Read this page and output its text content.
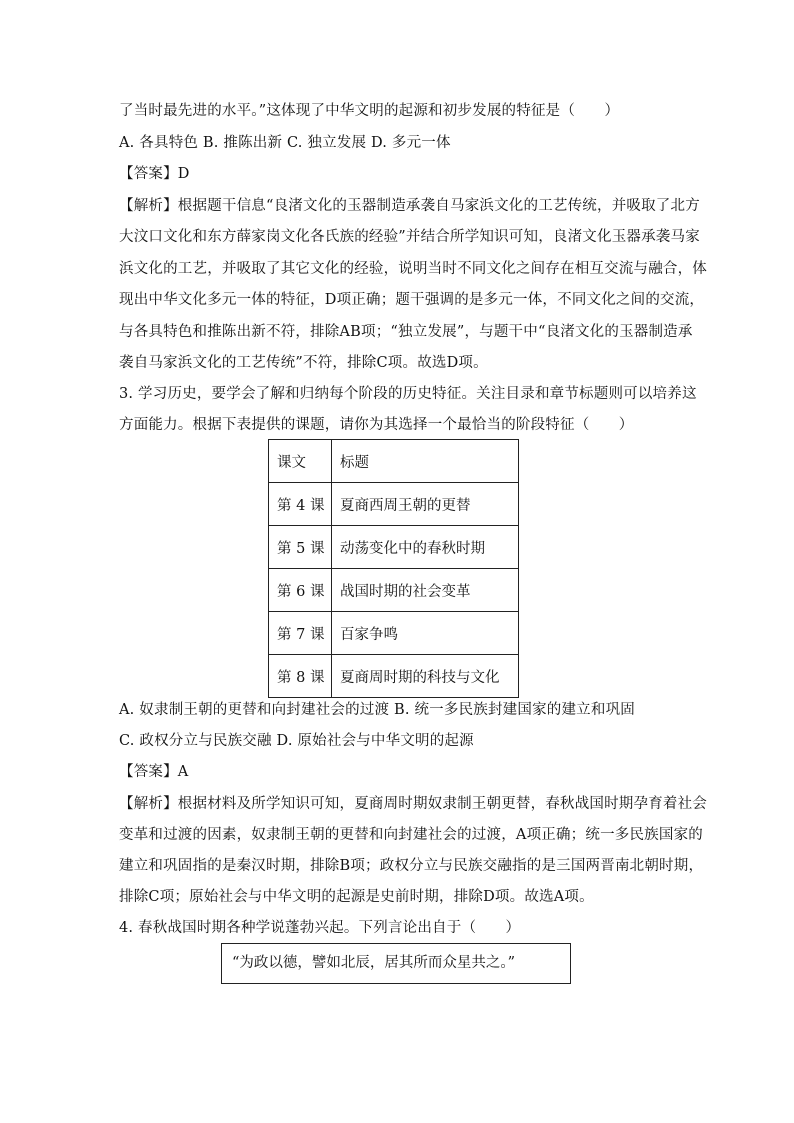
了当时最先进的水平。”这体现了中华文明的起源和初步发展的特征是（　　）
A. 各具特色 B. 推陈出新 C. 独立发展 D. 多元一体
【答案】D
【解析】根据题干信息“良渚文化的玉器制造承袭自马家浜文化的工艺传统，并吸取了北方
大汶口文化和东方薛家岗文化各氏族的经验”并结合所学知识可知，良渚文化玉器承袭马家
浜文化的工艺，并吸取了其它文化的经验，说明当时不同文化之间存在相互交流与融合，体
现出中华文化多元一体的特征，D项正确；题干强调的是多元一体，不同文化之间的交流，
与各具特色和推陈出新不符，排除AB项；“独立发展”，与题干中“良渚文化的玉器制造承
袭自马家浜文化的工艺传统”不符，排除C项。故选D项。
3. 学习历史，要学会了解和归纳每个阶段的历史特征。关注目录和章节标题则可以培养这
方面能力。根据下表提供的课题，请你为其选择一个最恰当的阶段特征（　　）
课文	标题
第 4 课	夏商西周王朝的更替
第 5 课	动荡变化中的春秋时期
第 6 课	战国时期的社会变革
第 7 课	百家争鸣
第 8 课	夏商周时期的科技与文化
A. 奴隶制王朝的更替和向封建社会的过渡 B. 统一多民族封建国家的建立和巩固
C. 政权分立与民族交融 D. 原始社会与中华文明的起源
【答案】A
【解析】根据材料及所学知识可知，夏商周时期奴隶制王朝更替，春秋战国时期孕育着社会
变革和过渡的因素，奴隶制王朝的更替和向封建社会的过渡，A项正确；统一多民族国家的
建立和巩固指的是秦汉时期，排除B项；政权分立与民族交融指的是三国两晋南北朝时期，
排除C项；原始社会与中华文明的起源是史前时期，排除D项。故选A项。
4. 春秋战国时期各种学说蓬勃兴起。下列言论出自于（　　）
“为政以德，譬如北辰，居其所而众星共之。”
